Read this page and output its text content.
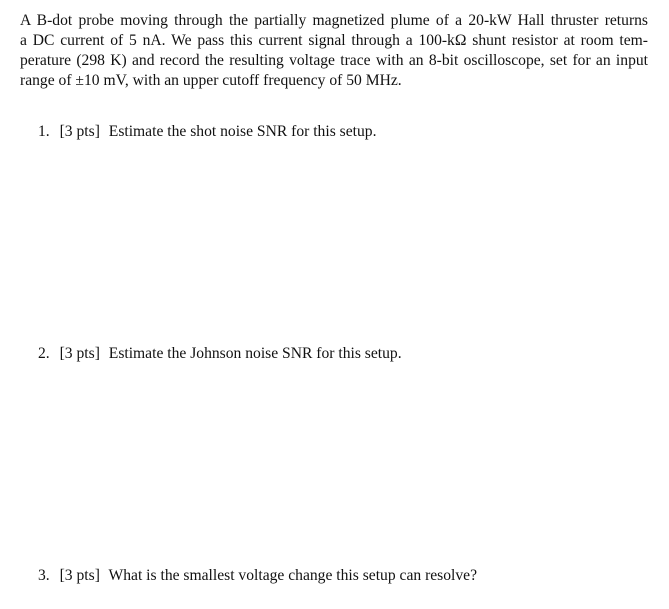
A B-dot probe moving through the partially magnetized plume of a 20-kW Hall thruster returns
a DC current of 5 nA. We pass this current signal through a 100-kΩ shunt resistor at room tem-
perature (298 K) and record the resulting voltage trace with an 8-bit oscilloscope, set for an input
range of ±10 mV, with an upper cutoff frequency of 50 MHz.

1. [3 pts] Estimate the shot noise SNR for this setup.
2. [3 pts] Estimate the Johnson noise SNR for this setup.
3. [3 pts] What is the smallest voltage change this setup can resolve?
